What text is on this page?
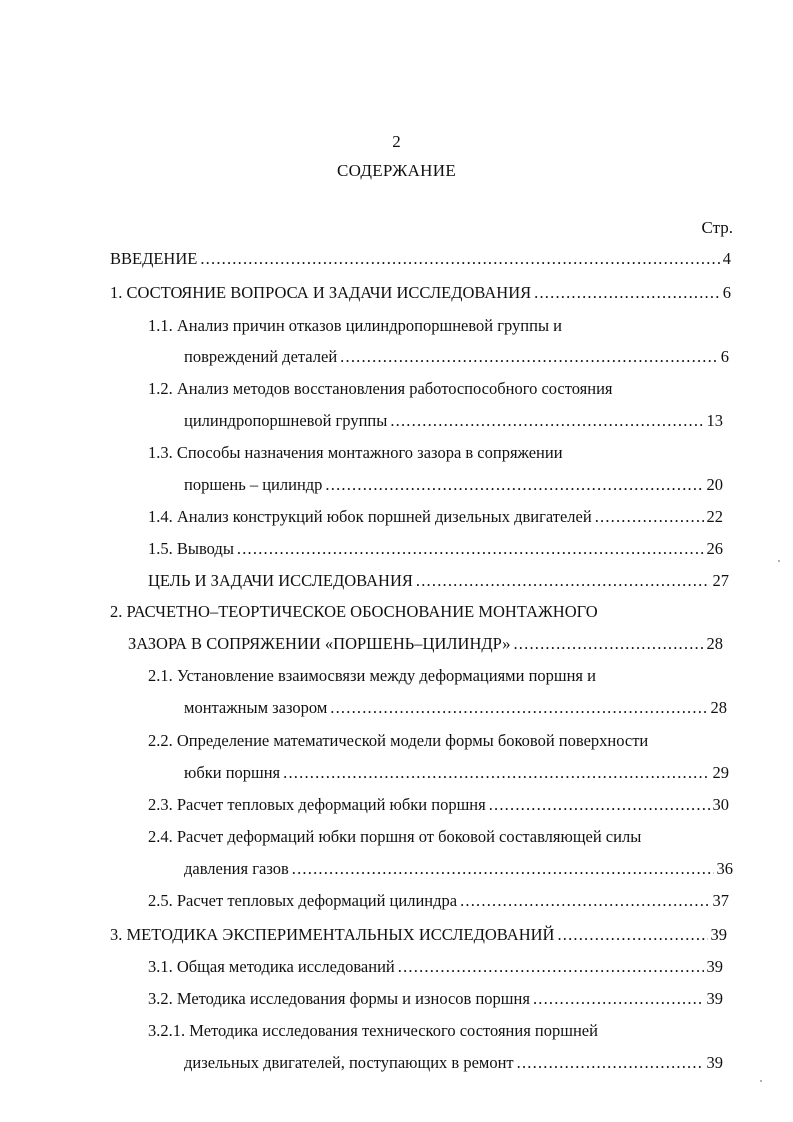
2
СОДЕРЖАНИЕ
Стр.
ВВЕДЕНИЕ .....	4
1. СОСТОЯНИЕ ВОПРОСА И ЗАДАЧИ ИССЛЕДОВАНИЯ .....	6
1.1. Анализ причин отказов цилиндропоршневой группы и
повреждений деталей .....	6
1.2. Анализ методов восстановления работоспособного состояния
цилиндропоршневой группы .....	13
1.3. Способы назначения монтажного зазора в сопряжении
поршень – цилиндр .....	20
1.4. Анализ конструкций юбок поршней дизельных двигателей .....	22
1.5. Выводы .....	26
ЦЕЛЬ И ЗАДАЧИ ИССЛЕДОВАНИЯ .....	27
2. РАСЧЕТНО–ТЕОРТИЧЕСКОЕ ОБОСНОВАНИЕ МОНТАЖНОГО
ЗАЗОРА В СОПРЯЖЕНИИ «ПОРШЕНЬ–ЦИЛИНДР» .....	28
2.1. Установление взаимосвязи между деформациями поршня и
монтажным зазором .....	28
2.2. Определение математической модели формы боковой поверхности
юбки поршня .....	29
2.3. Расчет тепловых деформаций юбки поршня .....	30
2.4. Расчет деформаций юбки поршня от боковой составляющей силы
давления газов .....	36
2.5. Расчет тепловых деформаций цилиндра .....	37
3. МЕТОДИКА ЭКСПЕРИМЕНТАЛЬНЫХ ИССЛЕДОВАНИЙ .....	39
3.1. Общая методика исследований .....	39
3.2. Методика исследования формы и износов поршня .....	39
3.2.1. Методика исследования технического состояния поршней
дизельных двигателей, поступающих в ремонт .....	39
